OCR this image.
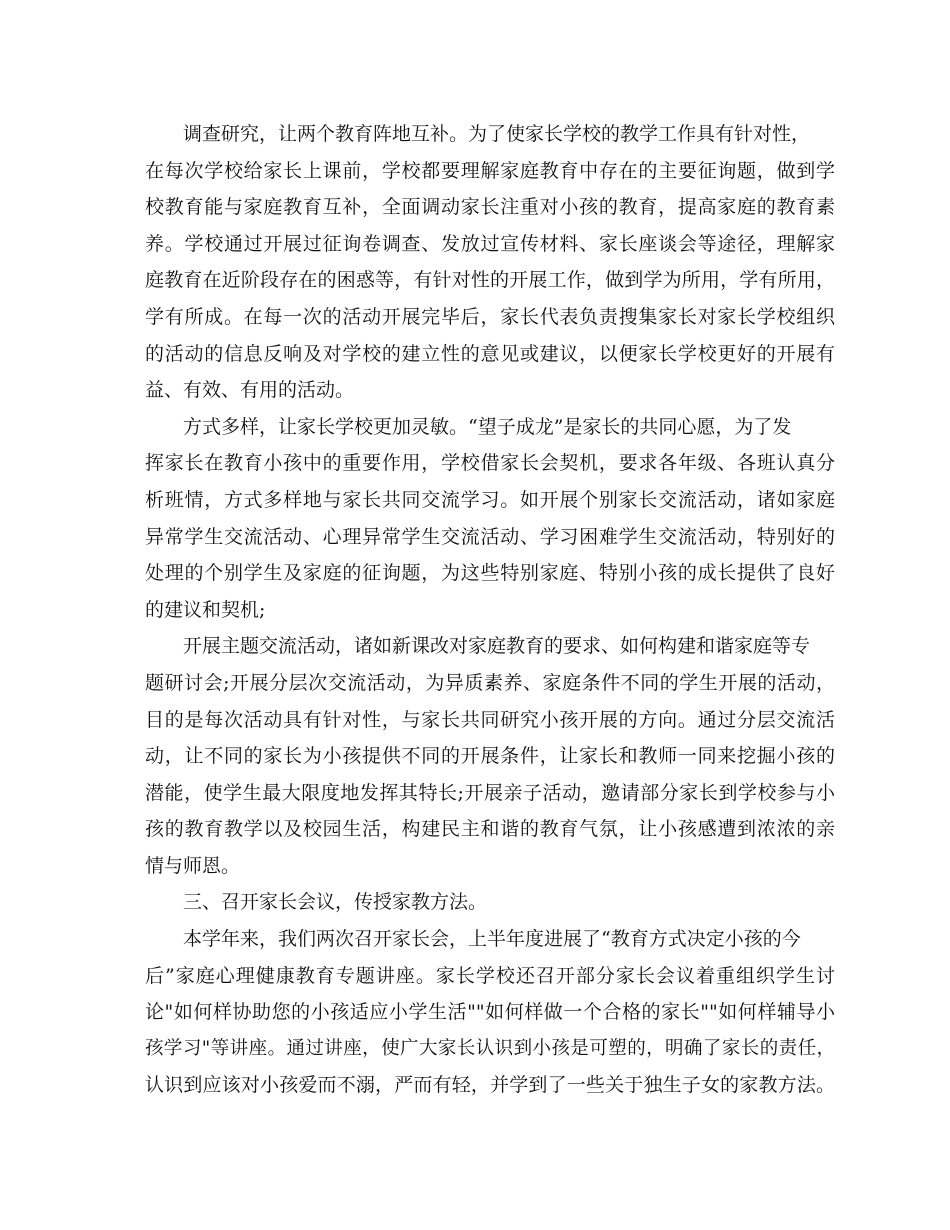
调查研究，让两个教育阵地互补。为了使家长学校的教学工作具有针对性，
在每次学校给家长上课前，学校都要理解家庭教育中存在的主要征询题，做到学
校教育能与家庭教育互补，全面调动家长注重对小孩的教育，提高家庭的教育素
养。学校通过开展过征询卷调查、发放过宣传材料、家长座谈会等途径，理解家
庭教育在近阶段存在的困惑等，有针对性的开展工作，做到学为所用，学有所用，
学有所成。在每一次的活动开展完毕后，家长代表负责搜集家长对家长学校组织
的活动的信息反响及对学校的建立性的意见或建议，以便家长学校更好的开展有
益、有效、有用的活动。
方式多样，让家长学校更加灵敏。“望子成龙”是家长的共同心愿，为了发
挥家长在教育小孩中的重要作用，学校借家长会契机，要求各年级、各班认真分
析班情，方式多样地与家长共同交流学习。如开展个别家长交流活动，诸如家庭
异常学生交流活动、心理异常学生交流活动、学习困难学生交流活动，特别好的
处理的个别学生及家庭的征询题，为这些特别家庭、特别小孩的成长提供了良好
的建议和契机;
开展主题交流活动，诸如新课改对家庭教育的要求、如何构建和谐家庭等专
题研讨会;开展分层次交流活动，为异质素养、家庭条件不同的学生开展的活动，
目的是每次活动具有针对性，与家长共同研究小孩开展的方向。通过分层交流活
动，让不同的家长为小孩提供不同的开展条件，让家长和教师一同来挖掘小孩的
潜能，使学生最大限度地发挥其特长;开展亲子活动，邀请部分家长到学校参与小
孩的教育教学以及校园生活，构建民主和谐的教育气氛，让小孩感遭到浓浓的亲
情与师恩。
三、召开家长会议，传授家教方法。
本学年来，我们两次召开家长会，上半年度进展了“教育方式决定小孩的今
后”家庭心理健康教育专题讲座。家长学校还召开部分家长会议着重组织学生讨
论"如何样协助您的小孩适应小学生活""如何样做一个合格的家长""如何样辅导小
孩学习"等讲座。通过讲座，使广大家长认识到小孩是可塑的，明确了家长的责任，
认识到应该对小孩爱而不溺，严而有轻，并学到了一些关于独生子女的家教方法。
